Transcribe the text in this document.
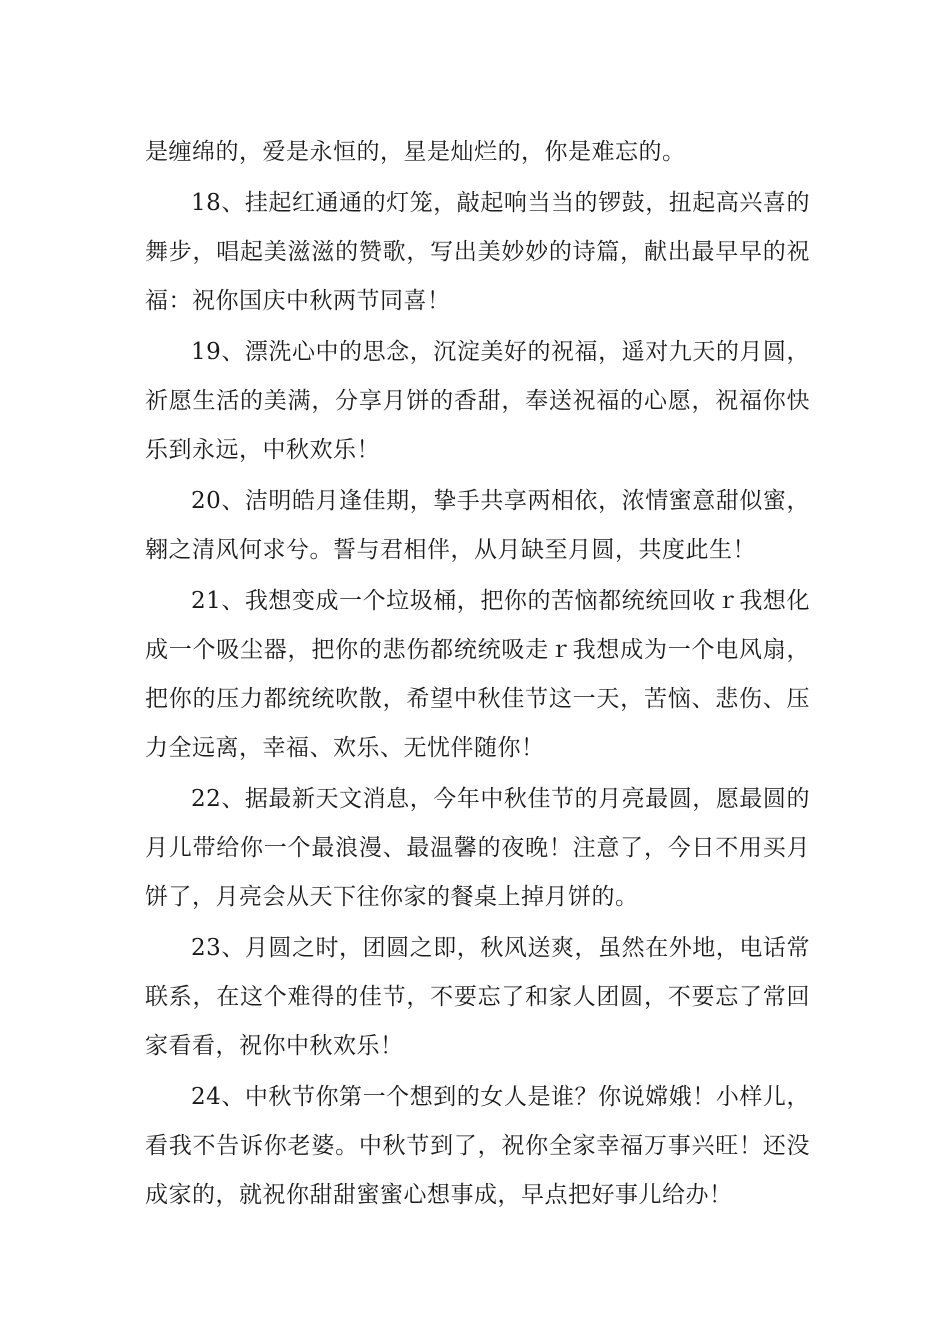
是缠绵的，爱是永恒的，星是灿烂的，你是难忘的。

18、挂起红通通的灯笼，敲起响当当的锣鼓，扭起高兴喜的舞步，唱起美滋滋的赞歌，写出美妙妙的诗篇，献出最早早的祝福：祝你国庆中秋两节同喜！

19、漂洗心中的思念，沉淀美好的祝福，遥对九天的月圆，祈愿生活的美满，分享月饼的香甜，奉送祝福的心愿，祝福你快乐到永远，中秋欢乐！

20、洁明皓月逢佳期，挚手共享两相依，浓情蜜意甜似蜜，翱之清风何求兮。誓与君相伴，从月缺至月圆，共度此生！

21、我想变成一个垃圾桶，把你的苦恼都统统回收ｒ我想化成一个吸尘器，把你的悲伤都统统吸走ｒ我想成为一个电风扇，把你的压力都统统吹散，希望中秋佳节这一天，苦恼、悲伤、压力全远离，幸福、欢乐、无忧伴随你！

22、据最新天文消息，今年中秋佳节的月亮最圆，愿最圆的月儿带给你一个最浪漫、最温馨的夜晚！注意了，今日不用买月饼了，月亮会从天下往你家的餐桌上掉月饼的。

23、月圆之时，团圆之即，秋风送爽，虽然在外地，电话常联系，在这个难得的佳节，不要忘了和家人团圆，不要忘了常回家看看，祝你中秋欢乐！

24、中秋节你第一个想到的女人是谁？你说嫦娥！小样儿，看我不告诉你老婆。中秋节到了，祝你全家幸福万事兴旺！还没成家的，就祝你甜甜蜜蜜心想事成，早点把好事儿给办！
